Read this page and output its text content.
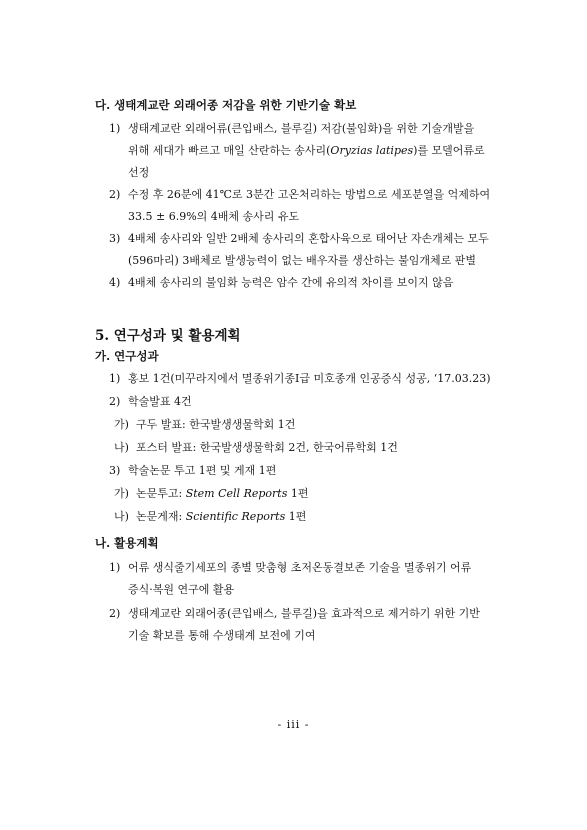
다. 생태계교란 외래어종 저감을 위한 기반기술 확보
1) 생태계교란 외래어류(큰입배스, 블루길) 저감(불임화)을 위한 기술개발을
위해 세대가 빠르고 매일 산란하는 송사리(Oryzias latipes)를 모델어류로
선정
2) 수정 후 26분에 41℃로 3분간 고온처리하는 방법으로 세포분열을 억제하여
33.5 ± 6.9%의 4배체 송사리 유도
3) 4배체 송사리와 일반 2배체 송사리의 혼합사육으로 태어난 자손개체는 모두
(596마리) 3배체로 발생능력이 없는 배우자를 생산하는 불임개체로 판별
4) 4배체 송사리의 불임화 능력은 암수 간에 유의적 차이를 보이지 않음
5. 연구성과 및 활용계획
가. 연구성과
1) 홍보 1건(미꾸라지에서 멸종위기종Ⅰ급 미호종개 인공증식 성공, ‘17.03.23)
2) 학술발표 4건
가) 구두 발표: 한국발생생물학회 1건
나) 포스터 발표: 한국발생생물학회 2건, 한국어류학회 1건
3) 학술논문 투고 1편 및 게재 1편
가) 논문투고: Stem Cell Reports 1편
나) 논문게재: Scientific Reports 1편
나. 활용계획
1) 어류 생식줄기세포의 종별 맞춤형 초저온동결보존 기술을 멸종위기 어류
증식·복원 연구에 활용
2) 생태계교란 외래어종(큰입배스, 블루길)을 효과적으로 제거하기 위한 기반
기술 확보를 통해 수생태계 보전에 기여
- iii -
